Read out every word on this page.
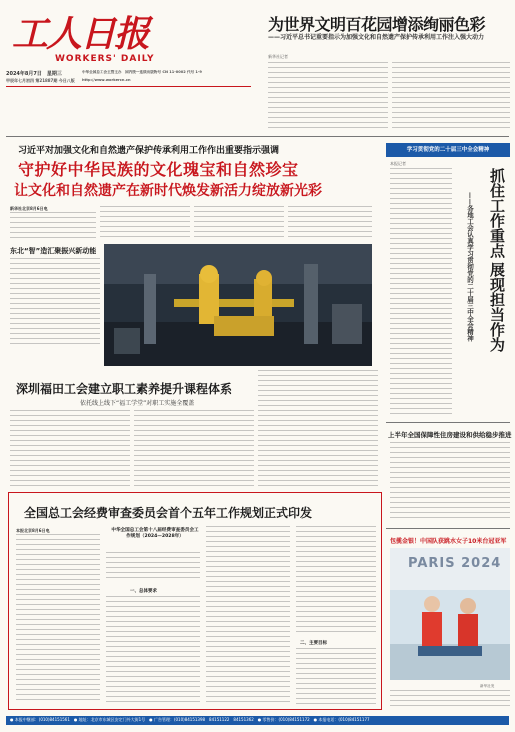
工人日报
WORKERS' DAILY
2024年8月7日　 星期三
甲辰年七月初四 第21887期 今日八版
中华全国总工会主管主办　 国内统一连续出版物号 CN 11-0002 代号 1-9
http://www.workercn.cn
为世界文明百花园增添绚丽色彩
——习近平总书记重要指示为加强文化和自然遗产保护传承利用工作注入强大动力
新华社记者
习近平对加强文化和自然遗产保护传承利用工作作出重要指示强调
守护好中华民族的文化瑰宝和自然珍宝
让文化和自然遗产在新时代焕发新活力绽放新光彩
新华社北京8月6日电
东北“智”造汇聚振兴新动能
学习贯彻党的二十届三中全会精神
本报记者
抓住工作重点
展现担当作为
——各地工会认真学习贯彻党的二十届三中全会精神
上半年全国保障性住房建设和供给稳步推进
深圳福田工会建立职工素养提升课程体系
依托线上线下“福工学堂”对职工实施全覆盖
全国总工会经费审查委员会首个五年工作规划正式印发
本报北京8月6日电	中华全国总工会第十八届经费审查委员会工作规划（2024—2028年）
一、总体要求
二、主要目标
包揽金银！中国队获跳水女子10米台冠亚军
PARIS 2024
新华社发
● 本报中继部：(010)84151561　● 地址：北京市东城区安定门外大街1号　● 广告管理：(010)84151398　84151122　84151362　● 零售价：(010)84151172　● 本报电话：(010)84151177
